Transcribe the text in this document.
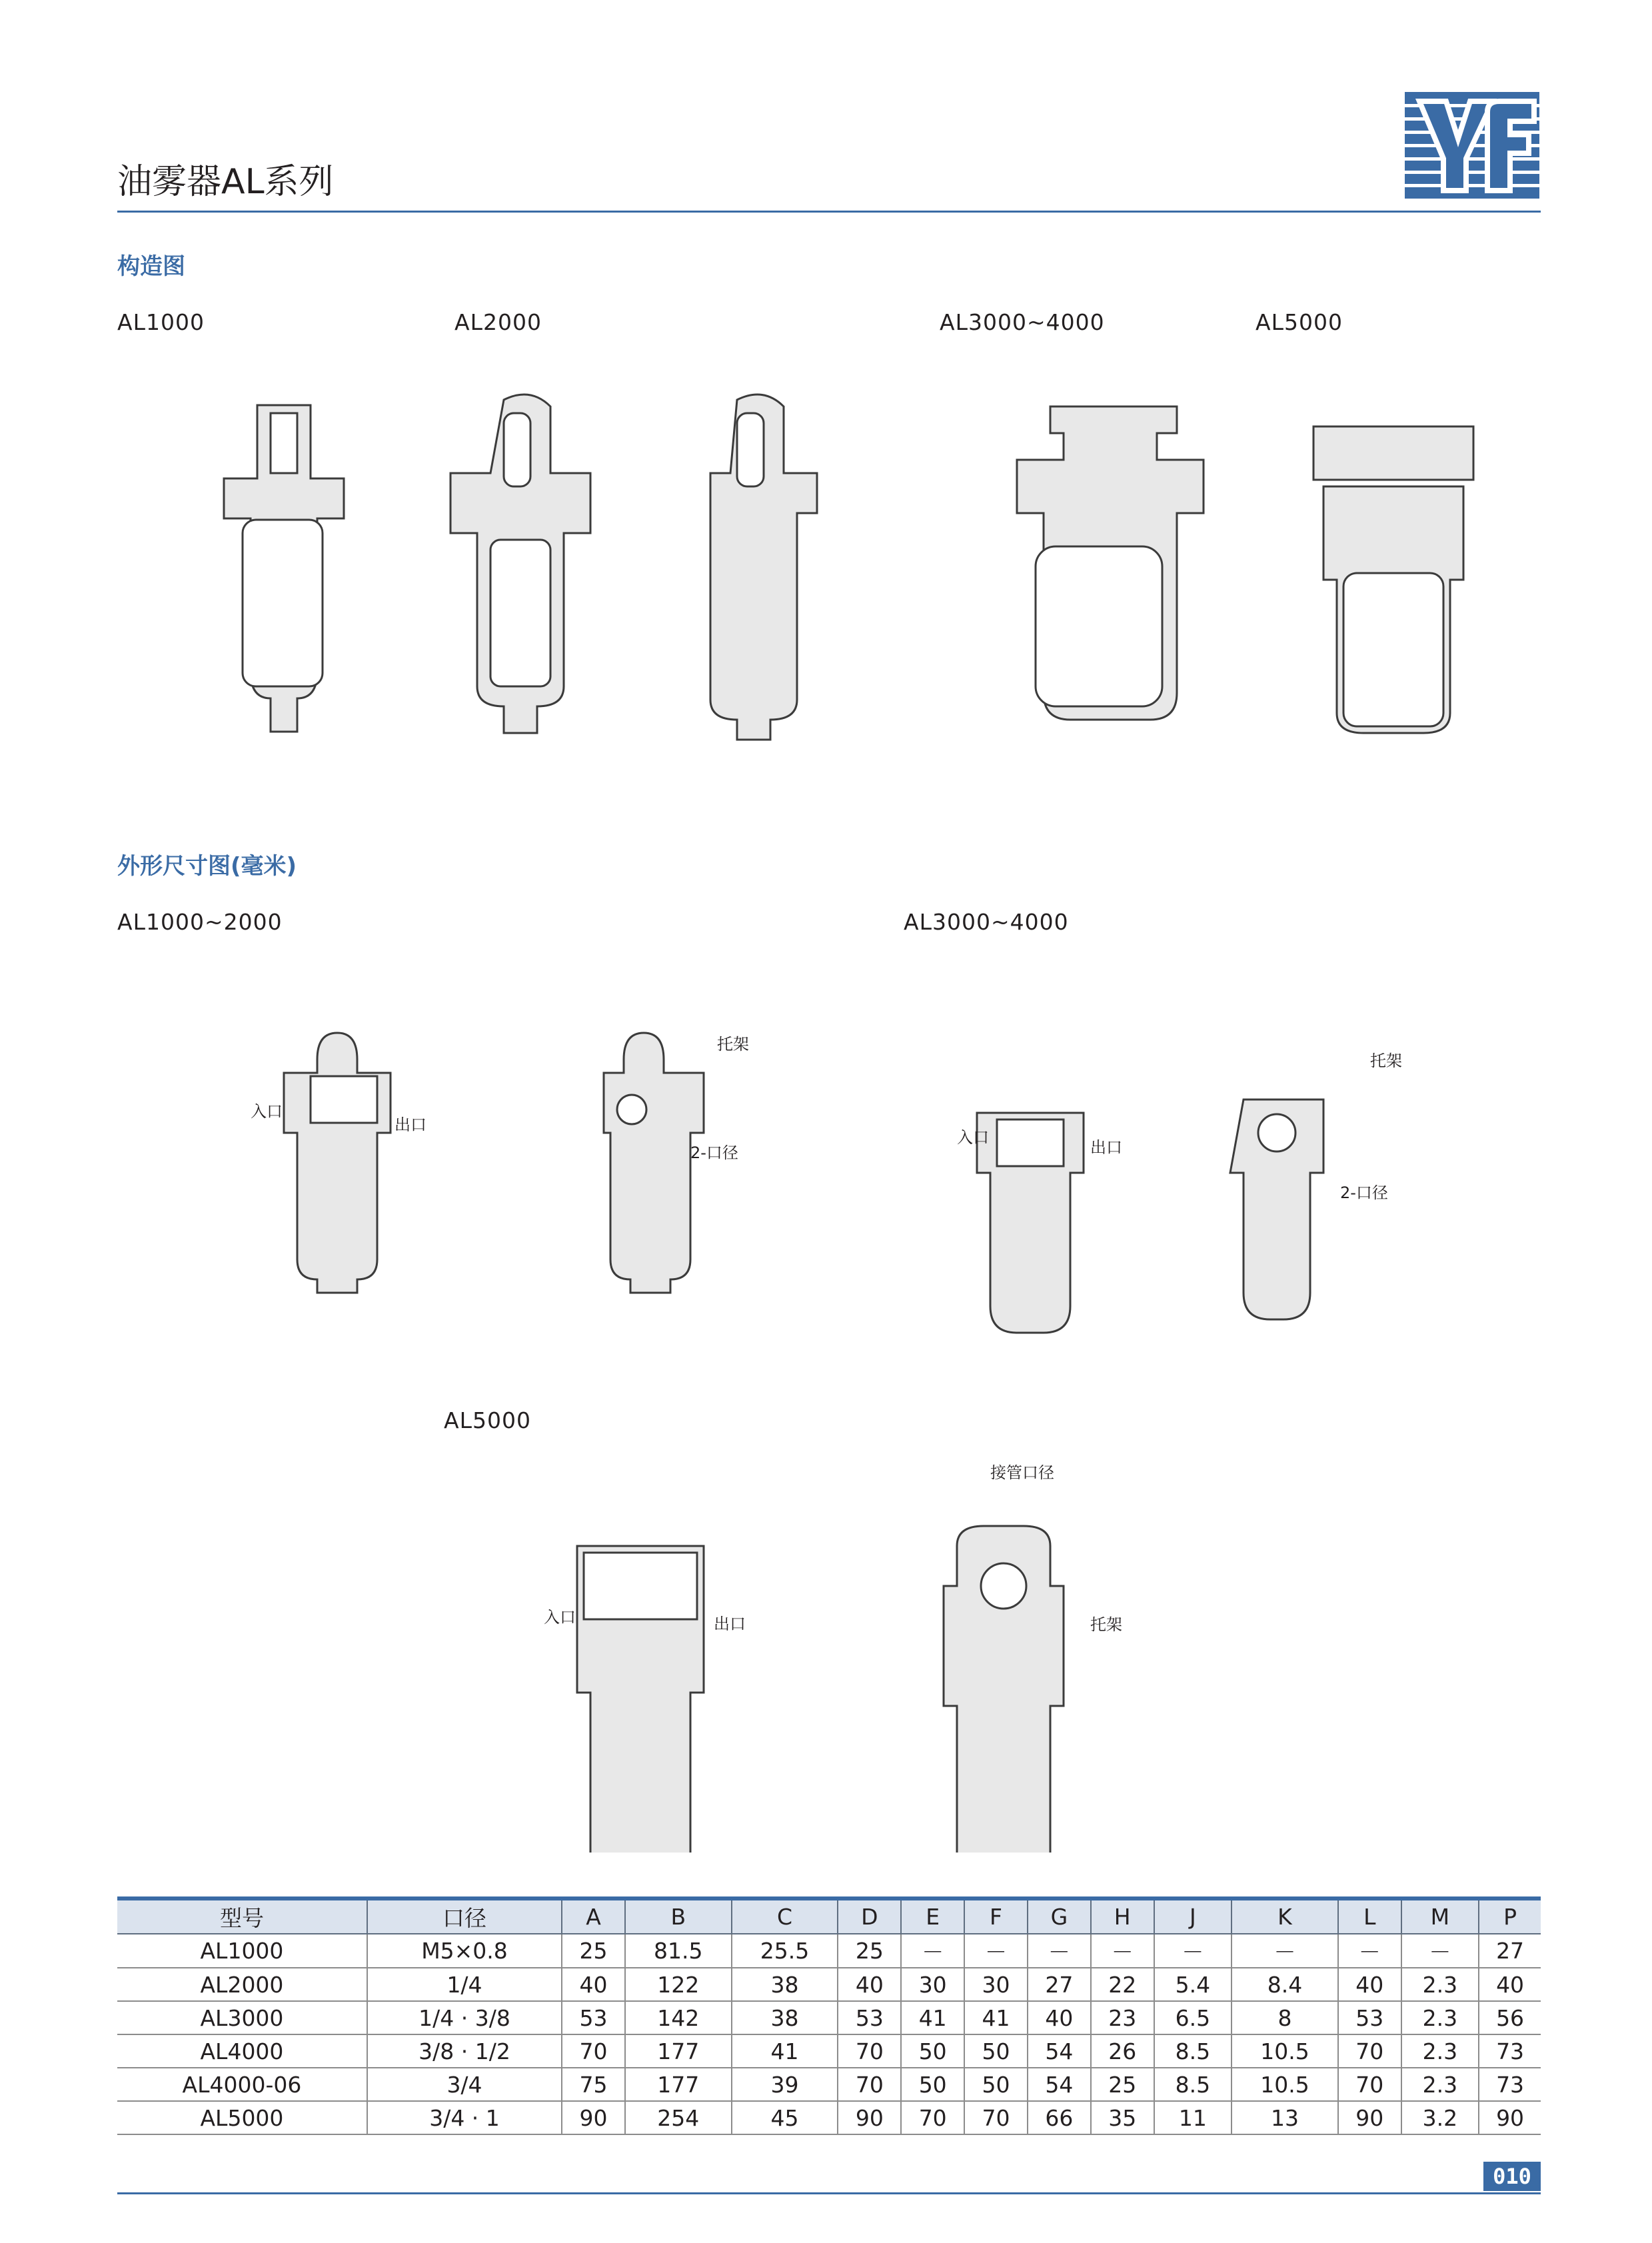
油雾器AL系列
构造图
AL1000	AL2000	AL3000~4000	AL5000
外形尺寸图(毫米)
AL1000~2000	AL3000~4000
AL5000
入口
出口
托架
2-口径
入口
出口
托架
2-口径
入口	出口
接管口径
托架
型号	口径	A	B	C	D	E	F	G	H	J	K	L	M	P
AL1000	M5×0.8	25	81.5	25.5	25	－	－	－	－	－	－	－	－	27
AL2000	1/4	40	122	38	40	30	30	27	22	5.4	8.4	40	2.3	40
AL3000	1/4 · 3/8	53	142	38	53	41	41	40	23	6.5	8	53	2.3	56
AL4000	3/8 · 1/2	70	177	41	70	50	50	54	26	8.5	10.5	70	2.3	73
AL4000-06	3/4	75	177	39	70	50	50	54	25	8.5	10.5	70	2.3	73
AL5000	3/4 · 1	90	254	45	90	70	70	66	35	11	13	90	3.2	90
010
